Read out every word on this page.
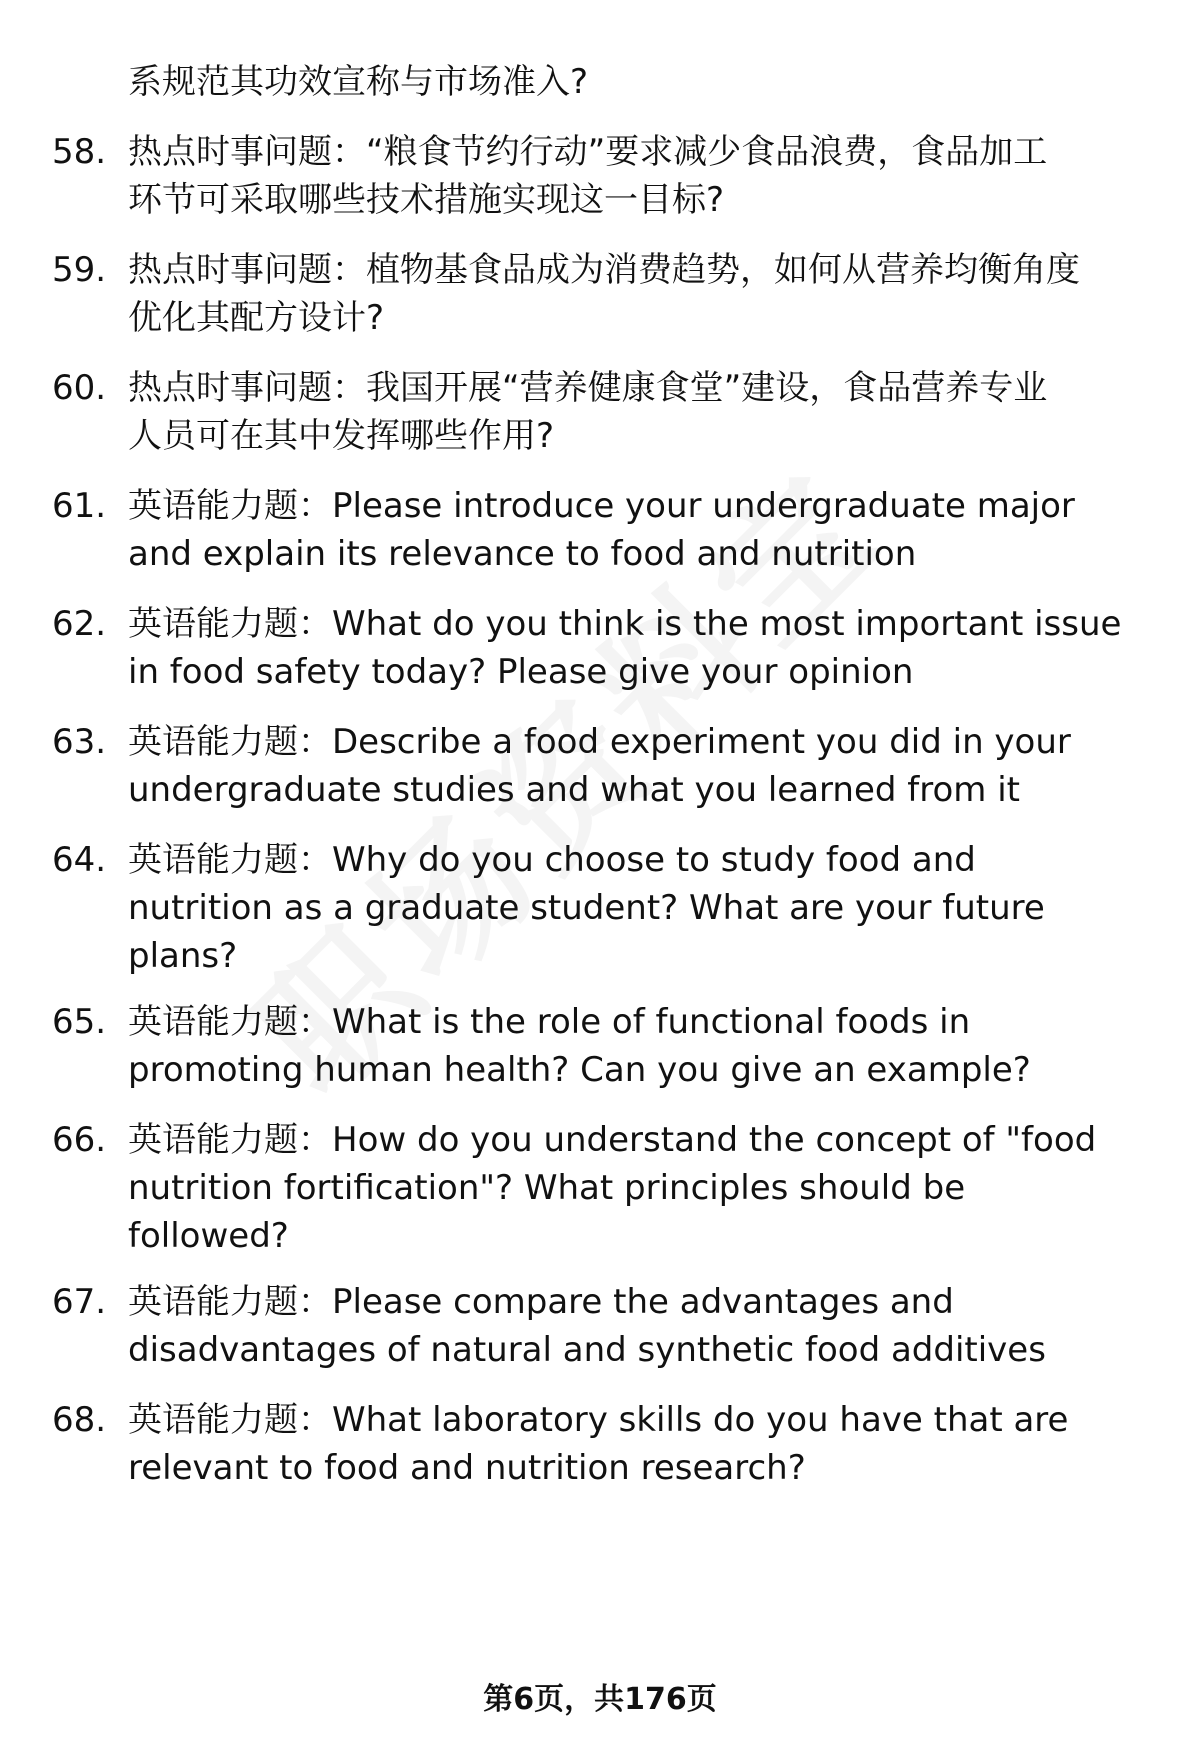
系规范其功效宣称与市场准入?
58. 热点时事问题：“粮食节约行动”要求减少食品浪费，食品加工
环节可采取哪些技术措施实现这一目标?
59. 热点时事问题：植物基食品成为消费趋势，如何从营养均衡角度
优化其配方设计?
60. 热点时事问题：我国开展“营养健康食堂”建设，食品营养专业
人员可在其中发挥哪些作用?
61. 英语能力题：Please introduce your undergraduate major
and explain its relevance to food and nutrition
62. 英语能力题：What do you think is the most important issue
in food safety today? Please give your opinion
63. 英语能力题：Describe a food experiment you did in your
undergraduate studies and what you learned from it
64. 英语能力题：Why do you choose to study food and
nutrition as a graduate student? What are your future
plans?
65. 英语能力题：What is the role of functional foods in
promoting human health? Can you give an example?
66. 英语能力题：How do you understand the concept of "food
nutrition fortification"? What principles should be
followed?
67. 英语能力题：Please compare the advantages and
disadvantages of natural and synthetic food additives
68. 英语能力题：What laboratory skills do you have that are
relevant to food and nutrition research?
第6页，共176页
